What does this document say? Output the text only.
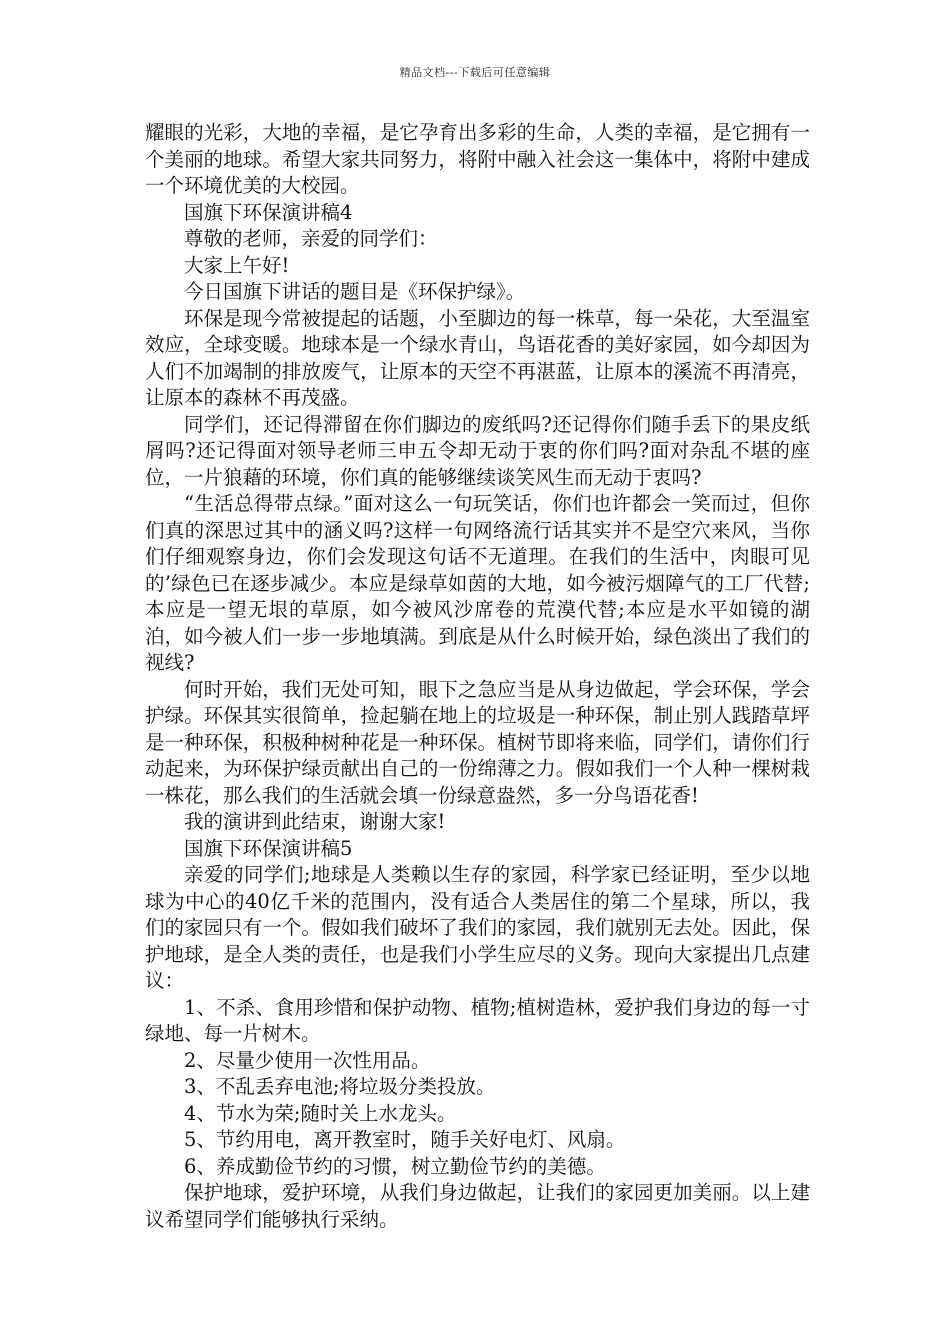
精品文档---下载后可任意编辑

耀眼的光彩，大地的幸福，是它孕育出多彩的生命，人类的幸福，是它拥有一个美丽的地球。希望大家共同努力，将附中融入社会这一集体中，将附中建成一个环境优美的大校园。

国旗下环保演讲稿4

尊敬的老师，亲爱的同学们：

大家上午好!

今日国旗下讲话的题目是《环保护绿》。

环保是现今常被提起的话题，小至脚边的每一株草，每一朵花，大至温室效应，全球变暖。地球本是一个绿水青山，鸟语花香的美好家园，如今却因为人们不加竭制的排放废气，让原本的天空不再湛蓝，让原本的溪流不再清亮，让原本的森林不再茂盛。

同学们，还记得滞留在你们脚边的废纸吗?还记得你们随手丢下的果皮纸屑吗?还记得面对领导老师三申五令却无动于衷的你们吗?面对杂乱不堪的座位，一片狼藉的环境，你们真的能够继续谈笑风生而无动于衷吗?

“生活总得带点绿。”面对这么一句玩笑话，你们也许都会一笑而过，但你们真的深思过其中的涵义吗?这样一句网络流行话其实并不是空穴来风，当你们仔细观察身边，你们会发现这句话不无道理。在我们的生活中，肉眼可见的’绿色已在逐步减少。本应是绿草如茵的大地，如今被污烟障气的工厂代替;本应是一望无垠的草原，如今被风沙席卷的荒漠代替;本应是水平如镜的湖泊，如今被人们一步一步地填满。到底是从什么时候开始，绿色淡出了我们的视线?

何时开始，我们无处可知，眼下之急应当是从身边做起，学会环保，学会护绿。环保其实很简单，捡起躺在地上的垃圾是一种环保，制止别人践踏草坪是一种环保，积极种树种花是一种环保。植树节即将来临，同学们，请你们行动起来，为环保护绿贡献出自己的一份绵薄之力。假如我们一个人种一棵树栽一株花，那么我们的生活就会填一份绿意盎然，多一分鸟语花香!

我的演讲到此结束，谢谢大家!

国旗下环保演讲稿5

亲爱的同学们;地球是人类赖以生存的家园，科学家已经证明，至少以地球为中心的40亿千米的范围内，没有适合人类居住的第二个星球，所以，我们的家园只有一个。假如我们破坏了我们的家园，我们就别无去处。因此，保护地球，是全人类的责任，也是我们小学生应尽的义务。现向大家提出几点建议：

1、不杀、食用珍惜和保护动物、植物;植树造林，爱护我们身边的每一寸绿地、每一片树木。

2、尽量少使用一次性用品。

3、不乱丢弃电池;将垃圾分类投放。

4、节水为荣;随时关上水龙头。

5、节约用电，离开教室时，随手关好电灯、风扇。

6、养成勤俭节约的习惯，树立勤俭节约的美德。

保护地球，爱护环境，从我们身边做起，让我们的家园更加美丽。以上建议希望同学们能够执行采纳。
